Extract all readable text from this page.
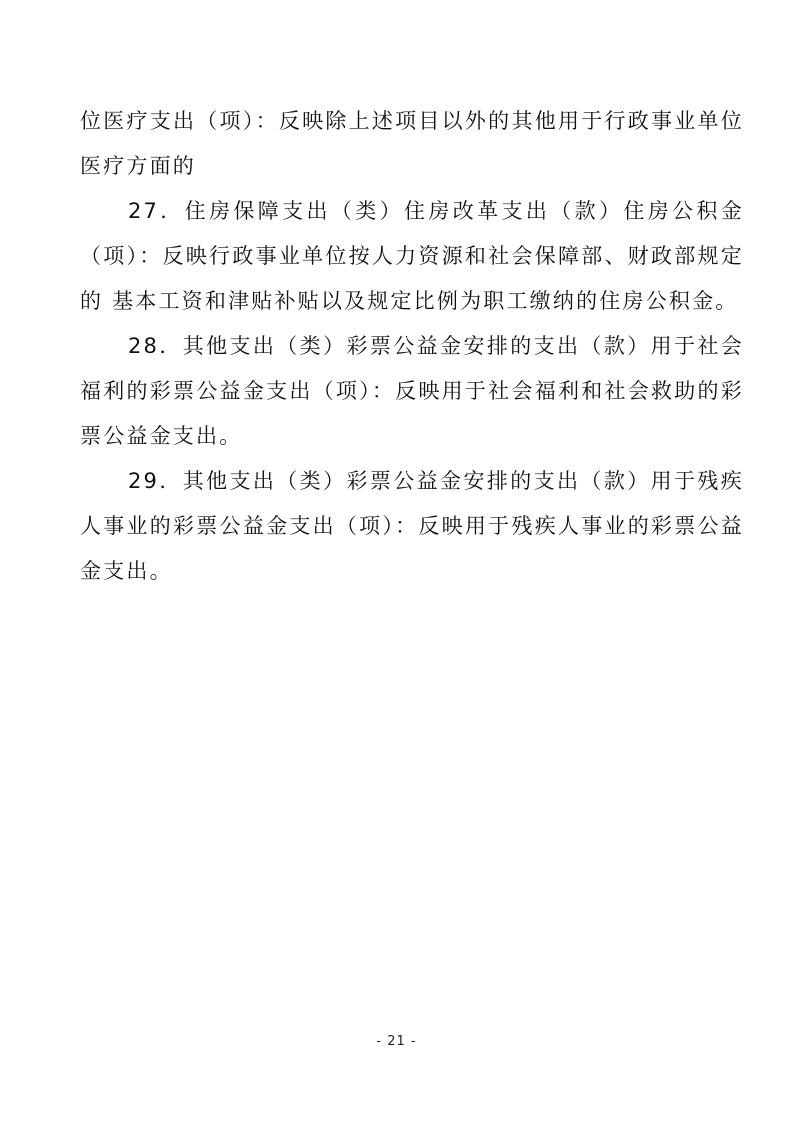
位医疗支出（项）：反映除上述项目以外的其他用于行政事业单位医疗方面的

27．住房保障支出（类）住房改革支出（款）住房公积金（项）：反映行政事业单位按人力资源和社会保障部、财政部规定的 基本工资和津贴补贴以及规定比例为职工缴纳的住房公积金。

28．其他支出（类）彩票公益金安排的支出（款）用于社会福利的彩票公益金支出（项）：反映用于社会福利和社会救助的彩票公益金支出。

29．其他支出（类）彩票公益金安排的支出（款）用于残疾人事业的彩票公益金支出（项）：反映用于残疾人事业的彩票公益金支出。

- 21 -
